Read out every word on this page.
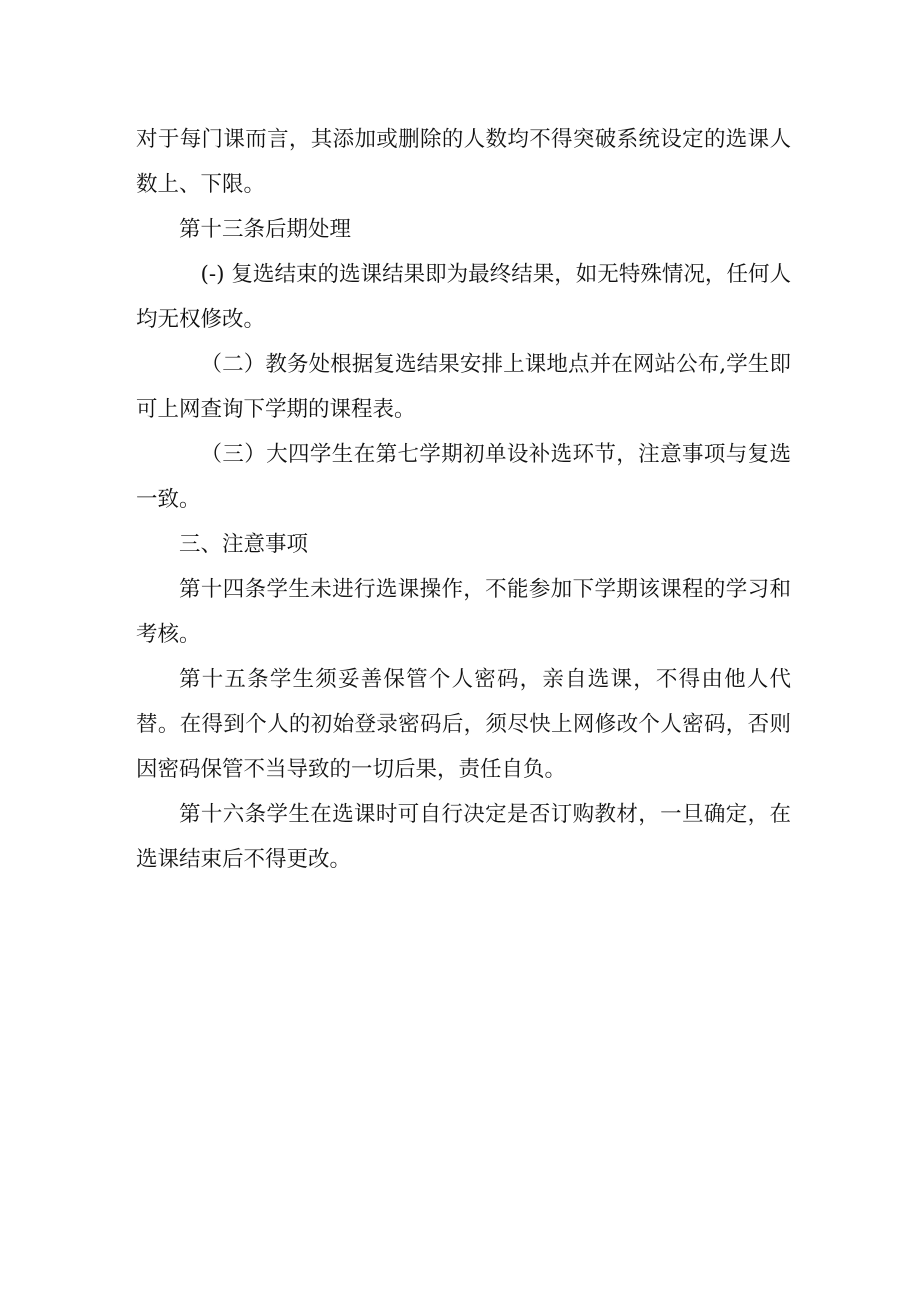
对于每门课而言，其添加或删除的人数均不得突破系统设定的选课人数上、下限。

第十三条后期处理

(-) 复选结束的选课结果即为最终结果，如无特殊情况，任何人均无权修改。

（二）教务处根据复选结果安排上课地点并在网站公布,学生即可上网查询下学期的课程表。

（三）大四学生在第七学期初单设补选环节，注意事项与复选一致。

三、注意事项

第十四条学生未进行选课操作，不能参加下学期该课程的学习和考核。

第十五条学生须妥善保管个人密码，亲自选课，不得由他人代替。在得到个人的初始登录密码后，须尽快上网修改个人密码，否则因密码保管不当导致的一切后果，责任自负。

第十六条学生在选课时可自行决定是否订购教材，一旦确定，在选课结束后不得更改。
